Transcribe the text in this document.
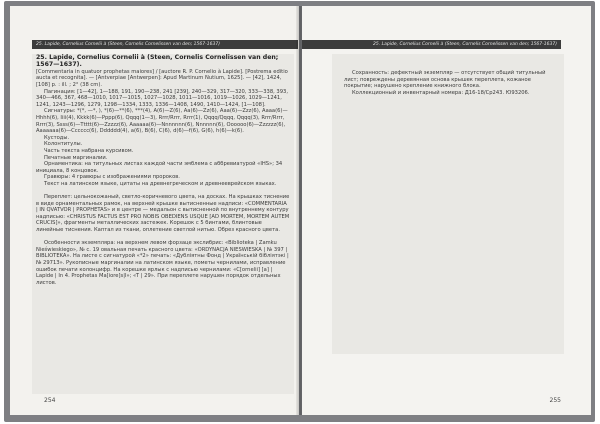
25. Lapide, Cornelius Cornelii à (Steen, Cornelis Cornelissen van den; 1567-1637)

25. Lapide, Cornelius Cornelii à (Steen, Cornelis Cornelissen van den; 1567—1637).

[Commentaria in quatuor prophetas maiores] / [auctore R. P. Cornelio à Lapide]. [Postrema editio aucta et recognita]. — [Antverpiae [Antwerpen]: Apud Martinum Nutium, 1625]. — [42], 1424, [108] p. : ill. ; 2° (38 cm).

Пагинация: [1—42], 1—188, 191, 190—238, 241 [239], 240—329, 317—320, 333—338, 393, 340—466, 367, 468—1010, 1017—1015, 1027—1028, 1011—1016, 1019—1026, 1029—1241, 1241, 1243—1296, 1279, 1298—1334, 1333, 1336—1408, 1490, 1410—1424, [1—108].

Сигнатуры: *(*, —*, ), *(6)—**(6), ***(4), A(6)—Z(6), Aa(6)—Zz(6), Aaa(6)—Zzz(6), Aaaa(6)—Hhhh(6), Iiii(4), Kkkk(6)—Pppp(6), Qqqq(1—3), Rrrr/Rrrr, Rrrr(1), Qqqq/Qqqq, Qqqq(3), Rrrr/Rrrr, Rrrr(3), Ssss(6)—Ttttt(6)—Zzzzz(6), Aaaaaa(6)—Nnnnnnn(6), Nnnnnn(6), Oooooo(6)—Zzzzzz(6), Aaaaaaa(6)—Cccccc(6), Dddddd(4), a(6), B(6), C(6), d(6)—f(6), G(6), h(6)—k(6).

Кустоды.

Колонтитулы.

Часть текста набрана курсивом.

Печатные маргиналии.

Орнаментика: на титульных листах каждой части эмблема с аббревиатурой «IHS»; 34 инициала, 8 концовок.

Гравюры: 4 гравюры с изображениями пророков.

Текст на латинском языке, цитаты на древнегреческом и древнееврейском языках.

Переплет: цельнокожаный, светло-коричневого цвета, на досках. На крышках тиснение в виде орнаментальных рамок, на верхней крышке вытисненные надписи: «COMMENTARIA | IN QVATVOR | PROPHETAS» и в центре — медальон с вытисненной по внутреннему контуру надписью: «CHRISTUS FACTUS EST PRO NOBIS OBEDIENS USQUE [AD MORTEM, MORTEM AUTEM CRUCIS]», фрагменты металлических застежек. Корешок с 5 бинтами, блинтовые линейные тиснения. Каптал из ткани, оплетение светлой нитью. Обрез красного цвета.

Особенности экземпляра: на верхнем левом форзаце экслибрис: «Biblioteka | Zamku Nieświeskiego», № с. 19 овальная печать красного цвета: «ORDYNACJA NIESWIESKA | № 397 | BIBLIOTEKA». На листе с сигнатурой «*2» печать: «Дубліятны Фонд | Українській бібліятэкі | № 2971З». Рукописные маргиналии на латинском языке, пометы чернилами, исправление ошибок печати колонцифр. На корешке ярлык с надписью чернилами: «C[ornelii] [a] | Lapide | In 4. Prophetas Ma[iore]s|I»; «T | 29». При переплете нарушен порядок отдельных листов.

254
25. Lapide, Cornelius Cornelii à (Steen, Cornelis Cornelissen van den; 1567-1637)

Сохранность: дефектный экземпляр — отсутствует общий титульный лист; повреждены деревянная основа крышек переплета, кожаное покрытие; нарушено крепление книжного блока.

Коллекционный и инвентарный номера: Д16-18/Ср243. Ю93206.

255
